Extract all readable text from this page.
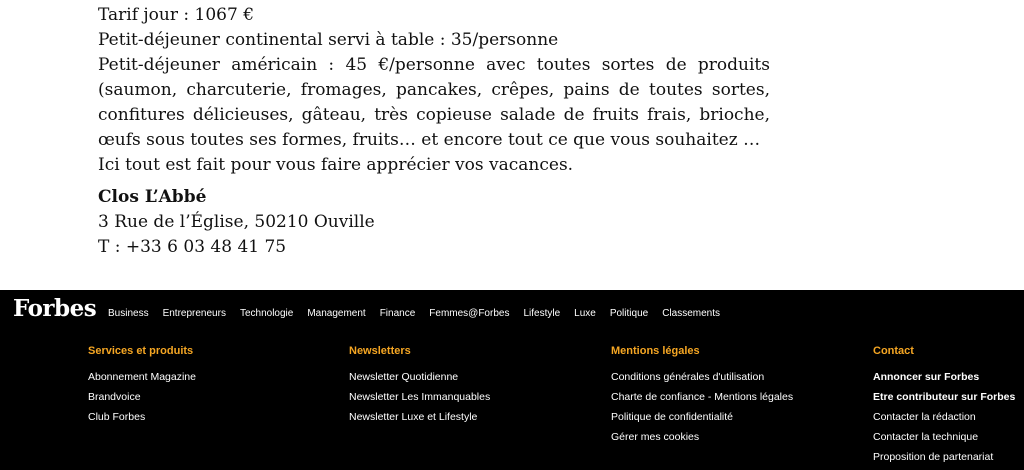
Tarif jour : 1067 €

Petit-déjeuner continental servi à table : 35/personne

Petit-déjeuner américain : 45 €/personne avec toutes sortes de produits (saumon, charcuterie, fromages, pancakes, crêpes, pains de toutes sortes, confitures délicieuses, gâteau, très copieuse salade de fruits frais, brioche, œufs sous toutes ses formes, fruits… et encore tout ce que vous souhaitez …

Ici tout est fait pour vous faire apprécier vos vacances.

Clos L’Abbé

3 Rue de l’Église, 50210 Ouville

T : +33 6 03 48 41 75

Forbes Business Entrepreneurs Technologie Management Finance Femmes@Forbes Lifestyle Luxe Politique Classements
Services et produits
Abonnement Magazine
Brandvoice
Club Forbes
Newsletters
Newsletter Quotidienne
Newsletter Les Immanquables
Newsletter Luxe et Lifestyle
Mentions légales
Conditions générales d'utilisation
Charte de confiance - Mentions légales
Politique de confidentialité
Gérer mes cookies
Contact
Annoncer sur Forbes
Etre contributeur sur Forbes
Contacter la rédaction
Contacter la technique
Proposition de partenariat
